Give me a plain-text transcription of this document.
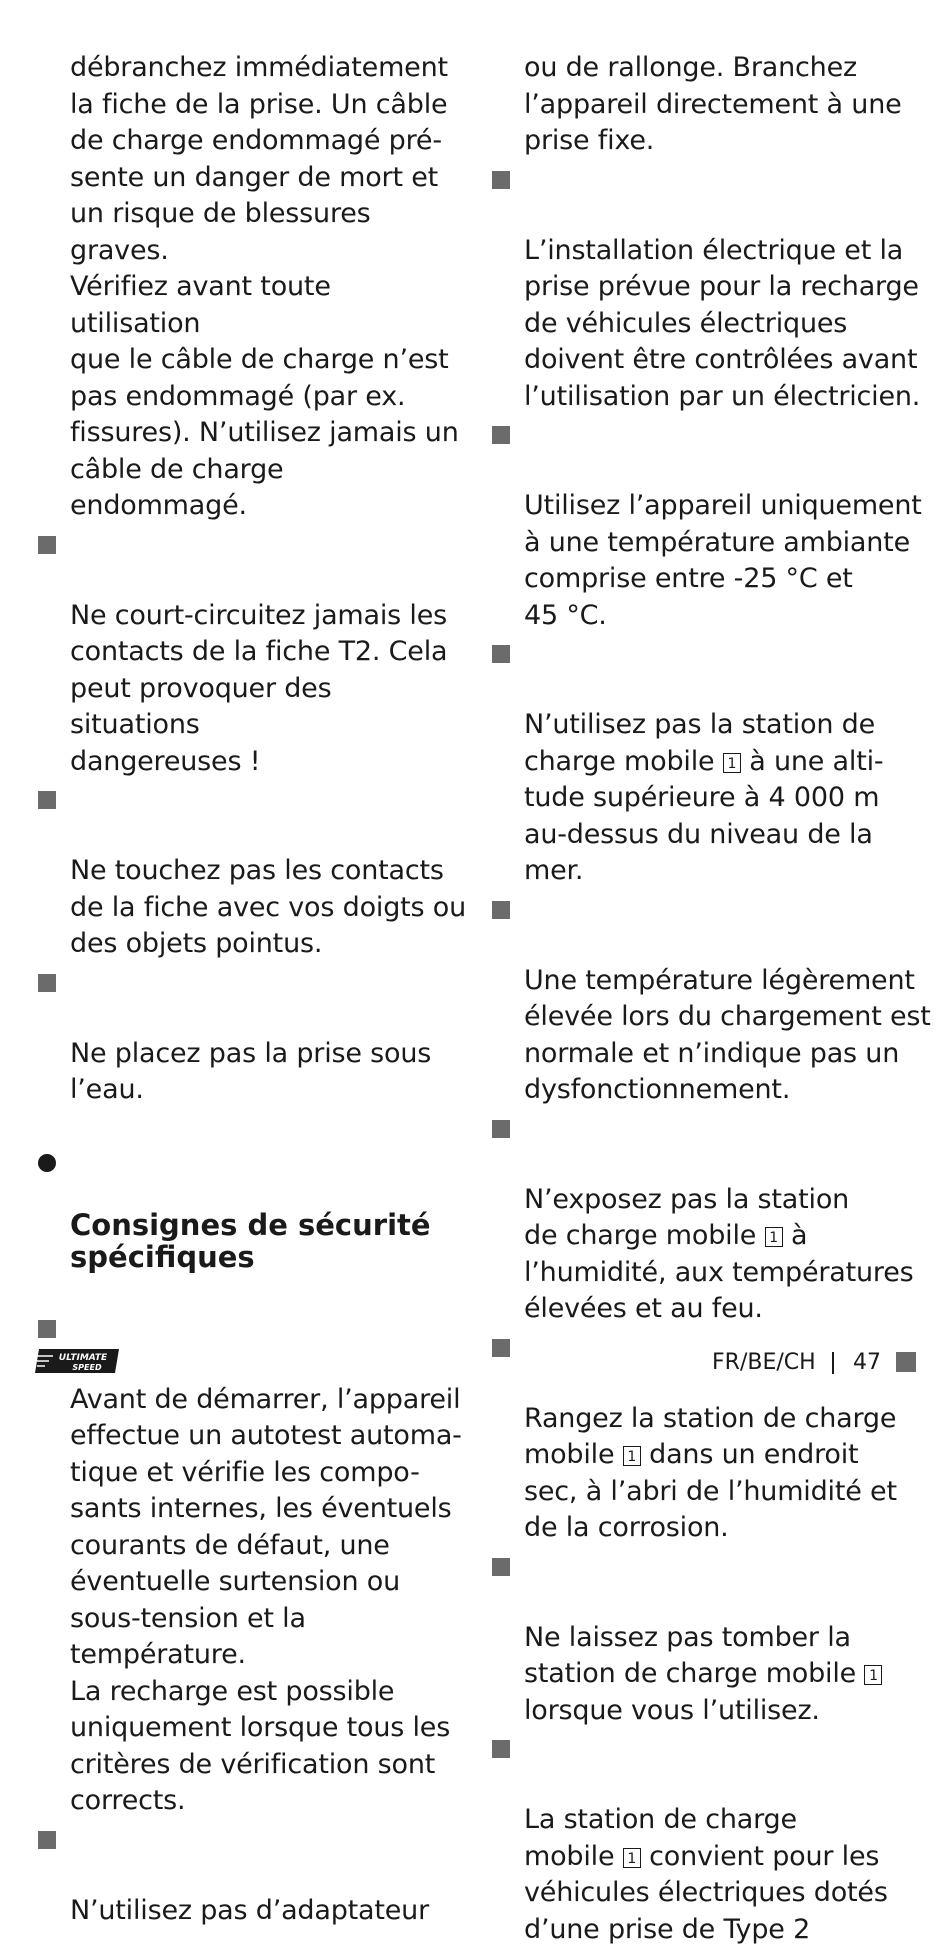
débranchez immédiatement
la fiche de la prise. Un câble
de charge endommagé pré-
sente un danger de mort et
un risque de blessures graves.
Vérifiez avant toute utilisation
que le câble de charge n’est
pas endommagé (par ex.
fissures). N’utilisez jamais un
câble de charge endommagé.

Ne court-circuitez jamais les
contacts de la fiche T2. Cela
peut provoquer des situations
dangereuses !

Ne touchez pas les contacts
de la fiche avec vos doigts ou
des objets pointus.

Ne placez pas la prise sous
l’eau.

Consignes de sécurité
spécifiques

Avant de démarrer, l’appareil
effectue un autotest automa-
tique et vérifie les compo-
sants internes, les éventuels
courants de défaut, une
éventuelle surtension ou
sous-tension et la température.
La recharge est possible
uniquement lorsque tous les
critères de vérification sont
corrects.

N’utilisez pas d’adaptateur

ou de rallonge. Branchez
l’appareil directement à une
prise fixe.

L’installation électrique et la
prise prévue pour la recharge
de véhicules électriques
doivent être contrôlées avant
l’utilisation par un électricien.

Utilisez l’appareil uniquement
à une température ambiante
comprise entre -25 °C et
45 °C.

N’utilisez pas la station de
charge mobile 1 à une alti-
tude supérieure à 4 000 m
au-dessus du niveau de la mer.

Une température légèrement
élevée lors du chargement est
normale et n’indique pas un
dysfonctionnement.

N’exposez pas la station
de charge mobile 1 à
l’humidité, aux températures
élevées et au feu.

Rangez la station de charge
mobile 1 dans un endroit
sec, à l’abri de l’humidité et
de la corrosion.

Ne laissez pas tomber la
station de charge mobile 1
lorsque vous l’utilisez.

La station de charge
mobile 1 convient pour les
véhicules électriques dotés
d’une prise de Type 2

ULTIMATE
SPEED	FR/BE/CH 47
